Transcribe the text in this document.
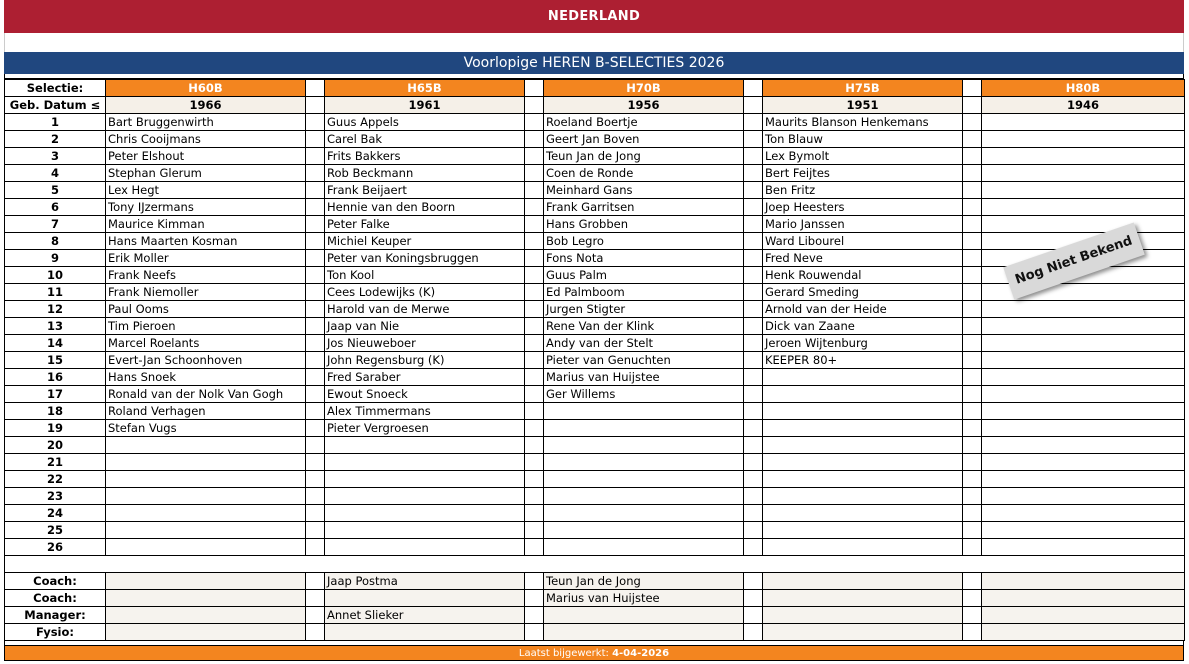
NEDERLAND
Voorlopige HEREN B-SELECTIES 2026
Selectie:	H60B		H65B		H70B		H75B		H80B
Geb. Datum ≤	1966		1961		1956		1951		1946
1	Bart Bruggenwirth		Guus Appels		Roeland Boertje		Maurits Blanson Henkemans		
2	Chris Cooijmans		Carel Bak		Geert Jan Boven		Ton Blauw		
3	Peter Elshout		Frits Bakkers		Teun Jan de Jong		Lex Bymolt		
4	Stephan Glerum		Rob Beckmann		Coen de Ronde		Bert Feijtes		
5	Lex Hegt		Frank Beijaert		Meinhard Gans		Ben Fritz		
6	Tony IJzermans		Hennie van den Boorn		Frank Garritsen		Joep Heesters		
7	Maurice Kimman		Peter Falke		Hans Grobben		Mario Janssen		
8	Hans Maarten Kosman		Michiel Keuper		Bob Legro		Ward Libourel		
9	Erik Moller		Peter van Koningsbruggen		Fons Nota		Fred Neve		
10	Frank Neefs		Ton Kool		Guus Palm		Henk Rouwendal		
11	Frank Niemoller		Cees Lodewijks (K)		Ed Palmboom		Gerard Smeding		
12	Paul Ooms		Harold van de Merwe		Jurgen Stigter		Arnold van der Heide		
13	Tim Pieroen		Jaap van Nie		Rene Van der Klink		Dick van Zaane		
14	Marcel Roelants		Jos Nieuweboer		Andy van der Stelt		Jeroen Wijtenburg		
15	Evert-Jan Schoonhoven		John Regensburg (K)		Pieter van Genuchten		KEEPER 80+		
16	Hans Snoek		Fred Saraber		Marius van Huijstee				
17	Ronald van der Nolk Van Gogh		Ewout Snoeck		Ger Willems				
18	Roland Verhagen		Alex Timmermans						
19	Stefan Vugs		Pieter Vergroesen						
20									
21									
22									
23									
24									
25									
26									

Coach:			Jaap Postma		Teun Jan de Jong				
Coach:					Marius van Huijstee				
Manager:			Annet Slieker						
Fysio:									
Laatst bijgewerkt: 4-04-2026
Nog Niet Bekend
